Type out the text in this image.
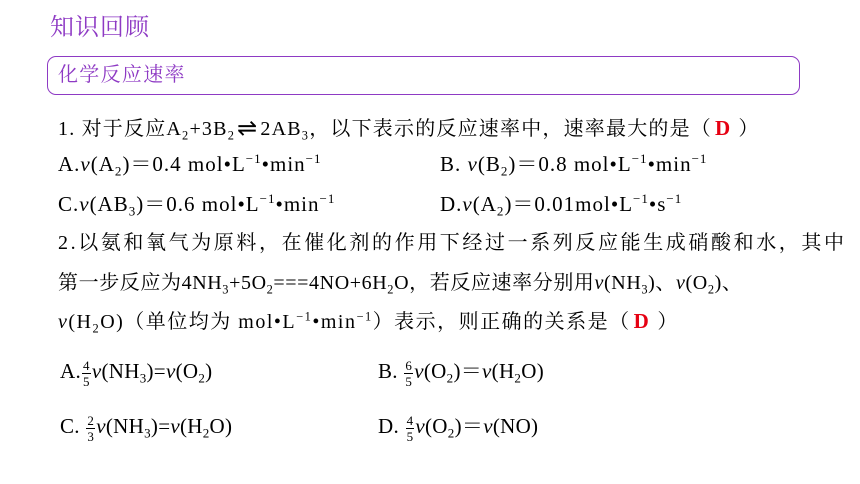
知识回顾
化学反应速率
1. 对于反应$A_2+3B_2\rightleftharpoons$ $2AB_3$，以下表示的反应速率中，速率最大的是（ D ）
$A.v(A_2)=0.4$ $mol•L^{-1}•\min^{-1}$	B. $v(B_2)=0.8$ $mol•L^{-1}•\min^{-1}$
$C.v(AB_3)=0.6$ $mol•L^{-1}•\min^{-1}$	$D.v(A_2)=0.01mol•L^{-1}•s^{-1}$
2.以氨和氧气为原料，在催化剂的作用下经过一系列反应能生成硝酸和水，其中
第一步反应为$4NH_3+5O_2===4NO+6H_2O$，若反应速率分别用$v(NH_3)$、$v(O_2)$、
$v(H_2O)$（单位均为 $mol•L^{-1}•\min^{-1}$）表示，则正确的关系是（ D ）
A. $\frac{4}{5} v(NH_3)=v(O_2)$	B. $\frac{6}{5} v(O_2)=v(H_2O)$
C. $\frac{2}{3} v(NH_3)=v(H_2O)$	D. $\frac{4}{5} v(O_2)=v(NO)$
